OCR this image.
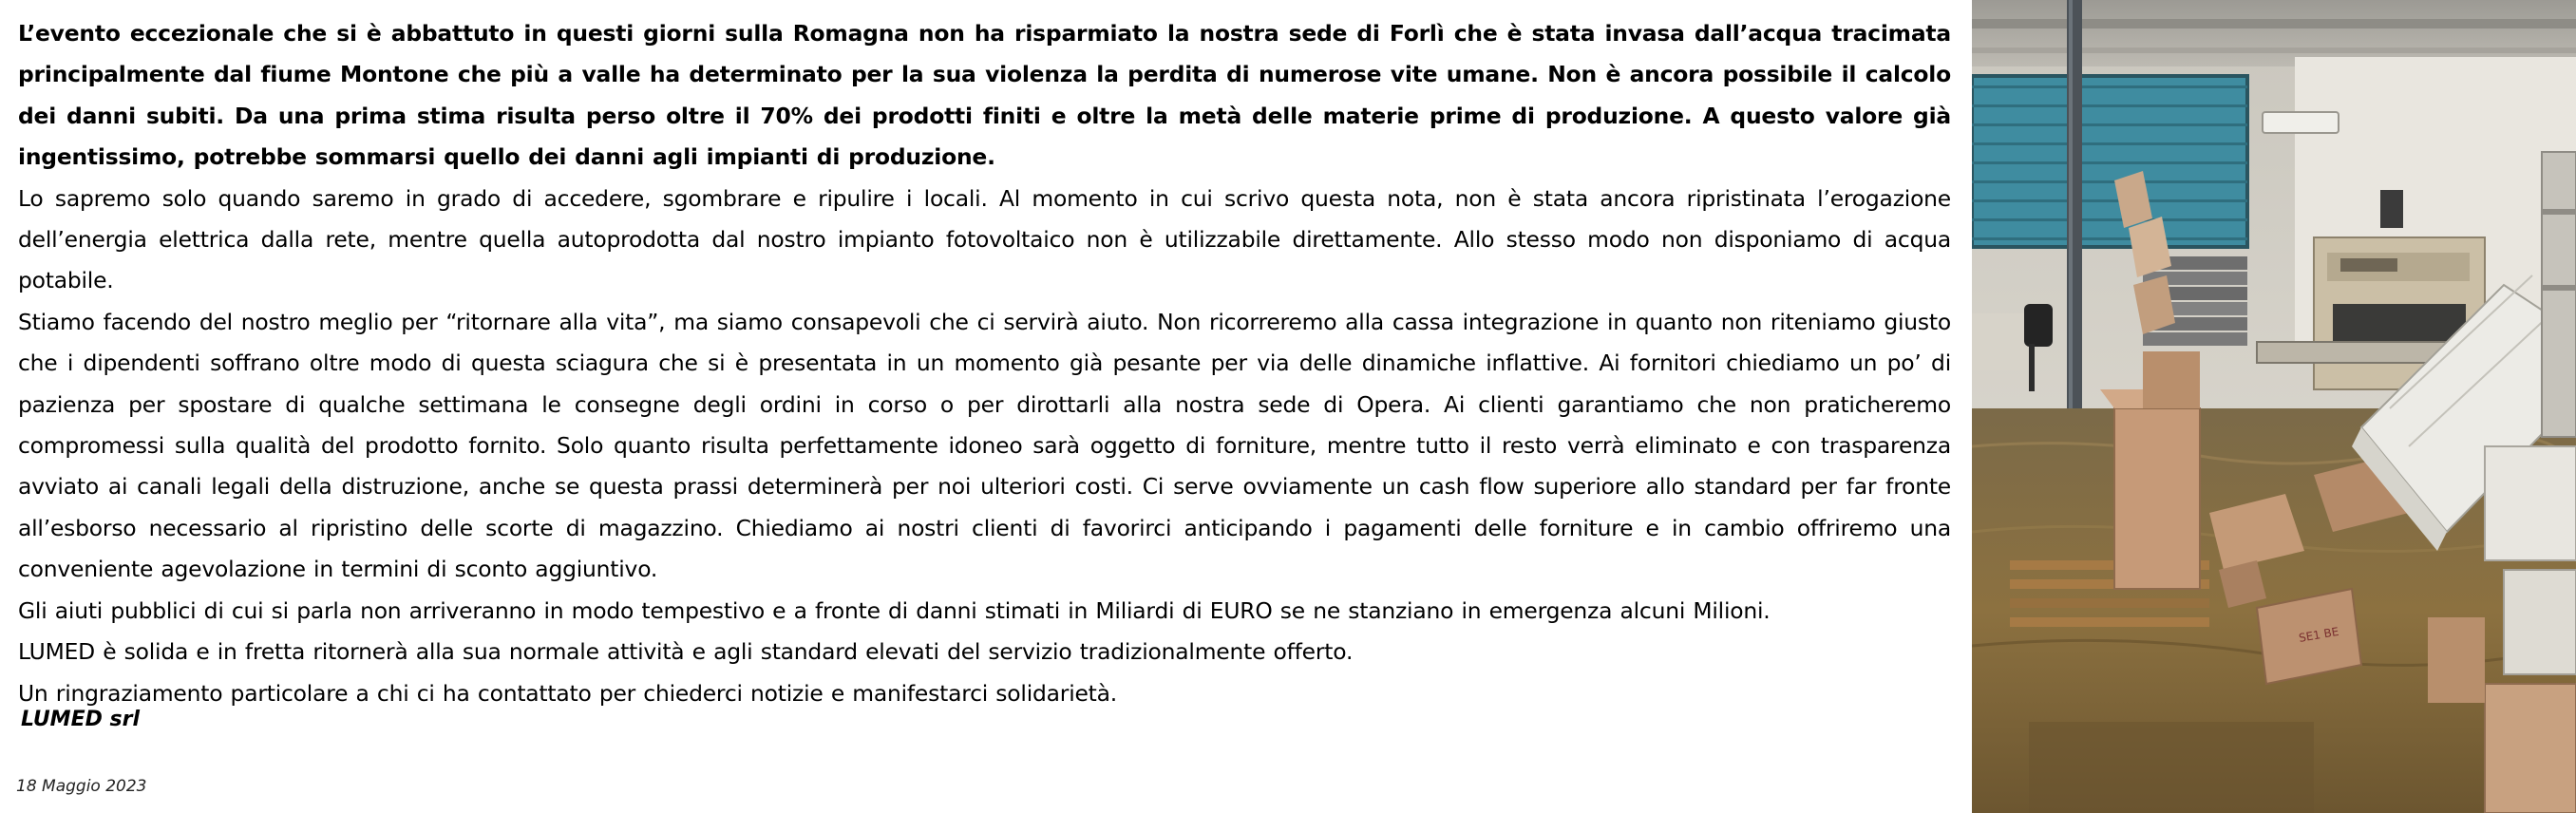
L’evento eccezionale che si è abbattuto in questi giorni sulla Romagna non ha risparmiato la nostra sede di Forlì che è stata invasa dall’acqua tracimata principalmente dal fiume Montone che più a valle ha determinato per la sua violenza la perdita di numerose vite umane. Non è ancora possibile il calcolo dei danni subiti. Da una prima stima risulta perso oltre il 70% dei prodotti finiti e oltre la metà delle materie prime di produzione. A questo valore già ingentissimo, potrebbe sommarsi quello dei danni agli impianti di produzione.

Lo sapremo solo quando saremo in grado di accedere, sgombrare e ripulire i locali. Al momento in cui scrivo questa nota, non è stata ancora ripristinata l’erogazione dell’energia elettrica dalla rete, mentre quella autoprodotta dal nostro impianto fotovoltaico non è utilizzabile direttamente. Allo stesso modo non disponiamo di acqua potabile.

Stiamo facendo del nostro meglio per “ritornare alla vita”, ma siamo consapevoli che ci servirà aiuto. Non ricorreremo alla cassa integrazione in quanto non riteniamo giusto che i dipendenti soffrano oltre modo di questa sciagura che si è presentata in un momento già pesante per via delle dinamiche inflattive. Ai fornitori chiediamo un po’ di pazienza per spostare di qualche settimana le consegne degli ordini in corso o per dirottarli alla nostra sede di Opera. Ai clienti garantiamo che non praticheremo compromessi sulla qualità del prodotto fornito. Solo quanto risulta perfettamente idoneo sarà oggetto di forniture, mentre tutto il resto verrà eliminato e con trasparenza avviato ai canali legali della distruzione, anche se questa prassi determinerà per noi ulteriori costi. Ci serve ovviamente un cash flow superiore allo standard per far fronte all’esborso necessario al ripristino delle scorte di magazzino. Chiediamo ai nostri clienti di favorirci anticipando i pagamenti delle forniture e in cambio offriremo una conveniente agevolazione in termini di sconto aggiuntivo.

Gli aiuti pubblici di cui si parla non arriveranno in modo tempestivo e a fronte di danni stimati in Miliardi di EURO se ne stanziano in emergenza alcuni Milioni.

LUMED è solida e in fretta ritornerà alla sua normale attività e agli standard elevati del servizio tradizionalmente offerto.

Un ringraziamento particolare a chi ci ha contattato per chiederci notizie e manifestarci solidarietà.

LUMED srl
18 Maggio 2023
SE1 BE
